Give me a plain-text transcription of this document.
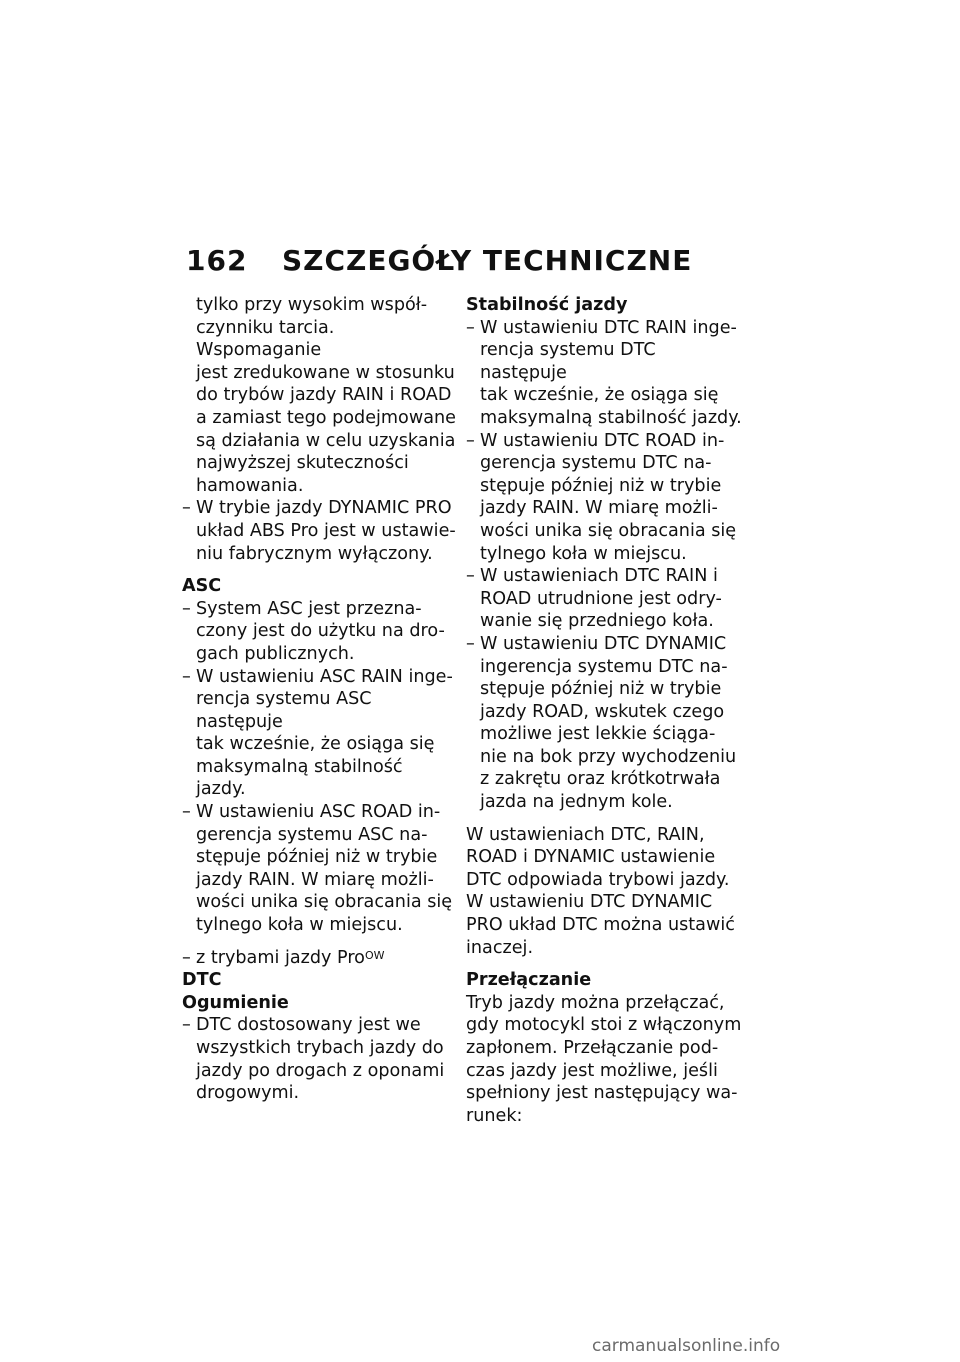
162 SZCZEGÓŁY TECHNICZNE
tylko przy wysokim współ-
czynniku tarcia. Wspomaganie
jest zredukowane w stosunku
do trybów jazdy RAIN i ROAD
a zamiast tego podejmowane
są działania w celu uzyskania
najwyższej skuteczności
hamowania.
– W trybie jazdy DYNAMIC PRO
układ ABS Pro jest w ustawie-
niu fabrycznym wyłączony.
ASC
– System ASC jest przezna-
czony jest do użytku na dro-
gach publicznych.
– W ustawieniu ASC RAIN inge-
rencja systemu ASC następuje
tak wcześnie, że osiąga się
maksymalną stabilność jazdy.
– W ustawieniu ASC ROAD in-
gerencja systemu ASC na-
stępuje później niż w trybie
jazdy RAIN. W miarę możli-
wości unika się obracania się
tylnego koła w miejscu.
– z trybami jazdy Pro$^{OW}$
DTC
Ogumienie
– DTC dostosowany jest we
wszystkich trybach jazdy do
jazdy po drogach z oponami
drogowymi.
Stabilność jazdy
– W ustawieniu DTC RAIN inge-
rencja systemu DTC następuje
tak wcześnie, że osiąga się
maksymalną stabilność jazdy.
– W ustawieniu DTC ROAD in-
gerencja systemu DTC na-
stępuje później niż w trybie
jazdy RAIN. W miarę możli-
wości unika się obracania się
tylnego koła w miejscu.
– W ustawieniach DTC RAIN i
ROAD utrudnione jest odry-
wanie się przedniego koła.
– W ustawieniu DTC DYNAMIC
ingerencja systemu DTC na-
stępuje później niż w trybie
jazdy ROAD, wskutek czego
możliwe jest lekkie ściąga-
nie na bok przy wychodzeniu
z zakrętu oraz krótkotrwała
jazda na jednym kole.
W ustawieniach DTC, RAIN,
ROAD i DYNAMIC ustawienie
DTC odpowiada trybowi jazdy.
W ustawieniu DTC DYNAMIC
PRO układ DTC można ustawić
inaczej.
Przełączanie
Tryb jazdy można przełączać,
gdy motocykl stoi z włączonym
zapłonem. Przełączanie pod-
czas jazdy jest możliwe, jeśli
spełniony jest następujący wa-
runek:
carmanualsonline.info
